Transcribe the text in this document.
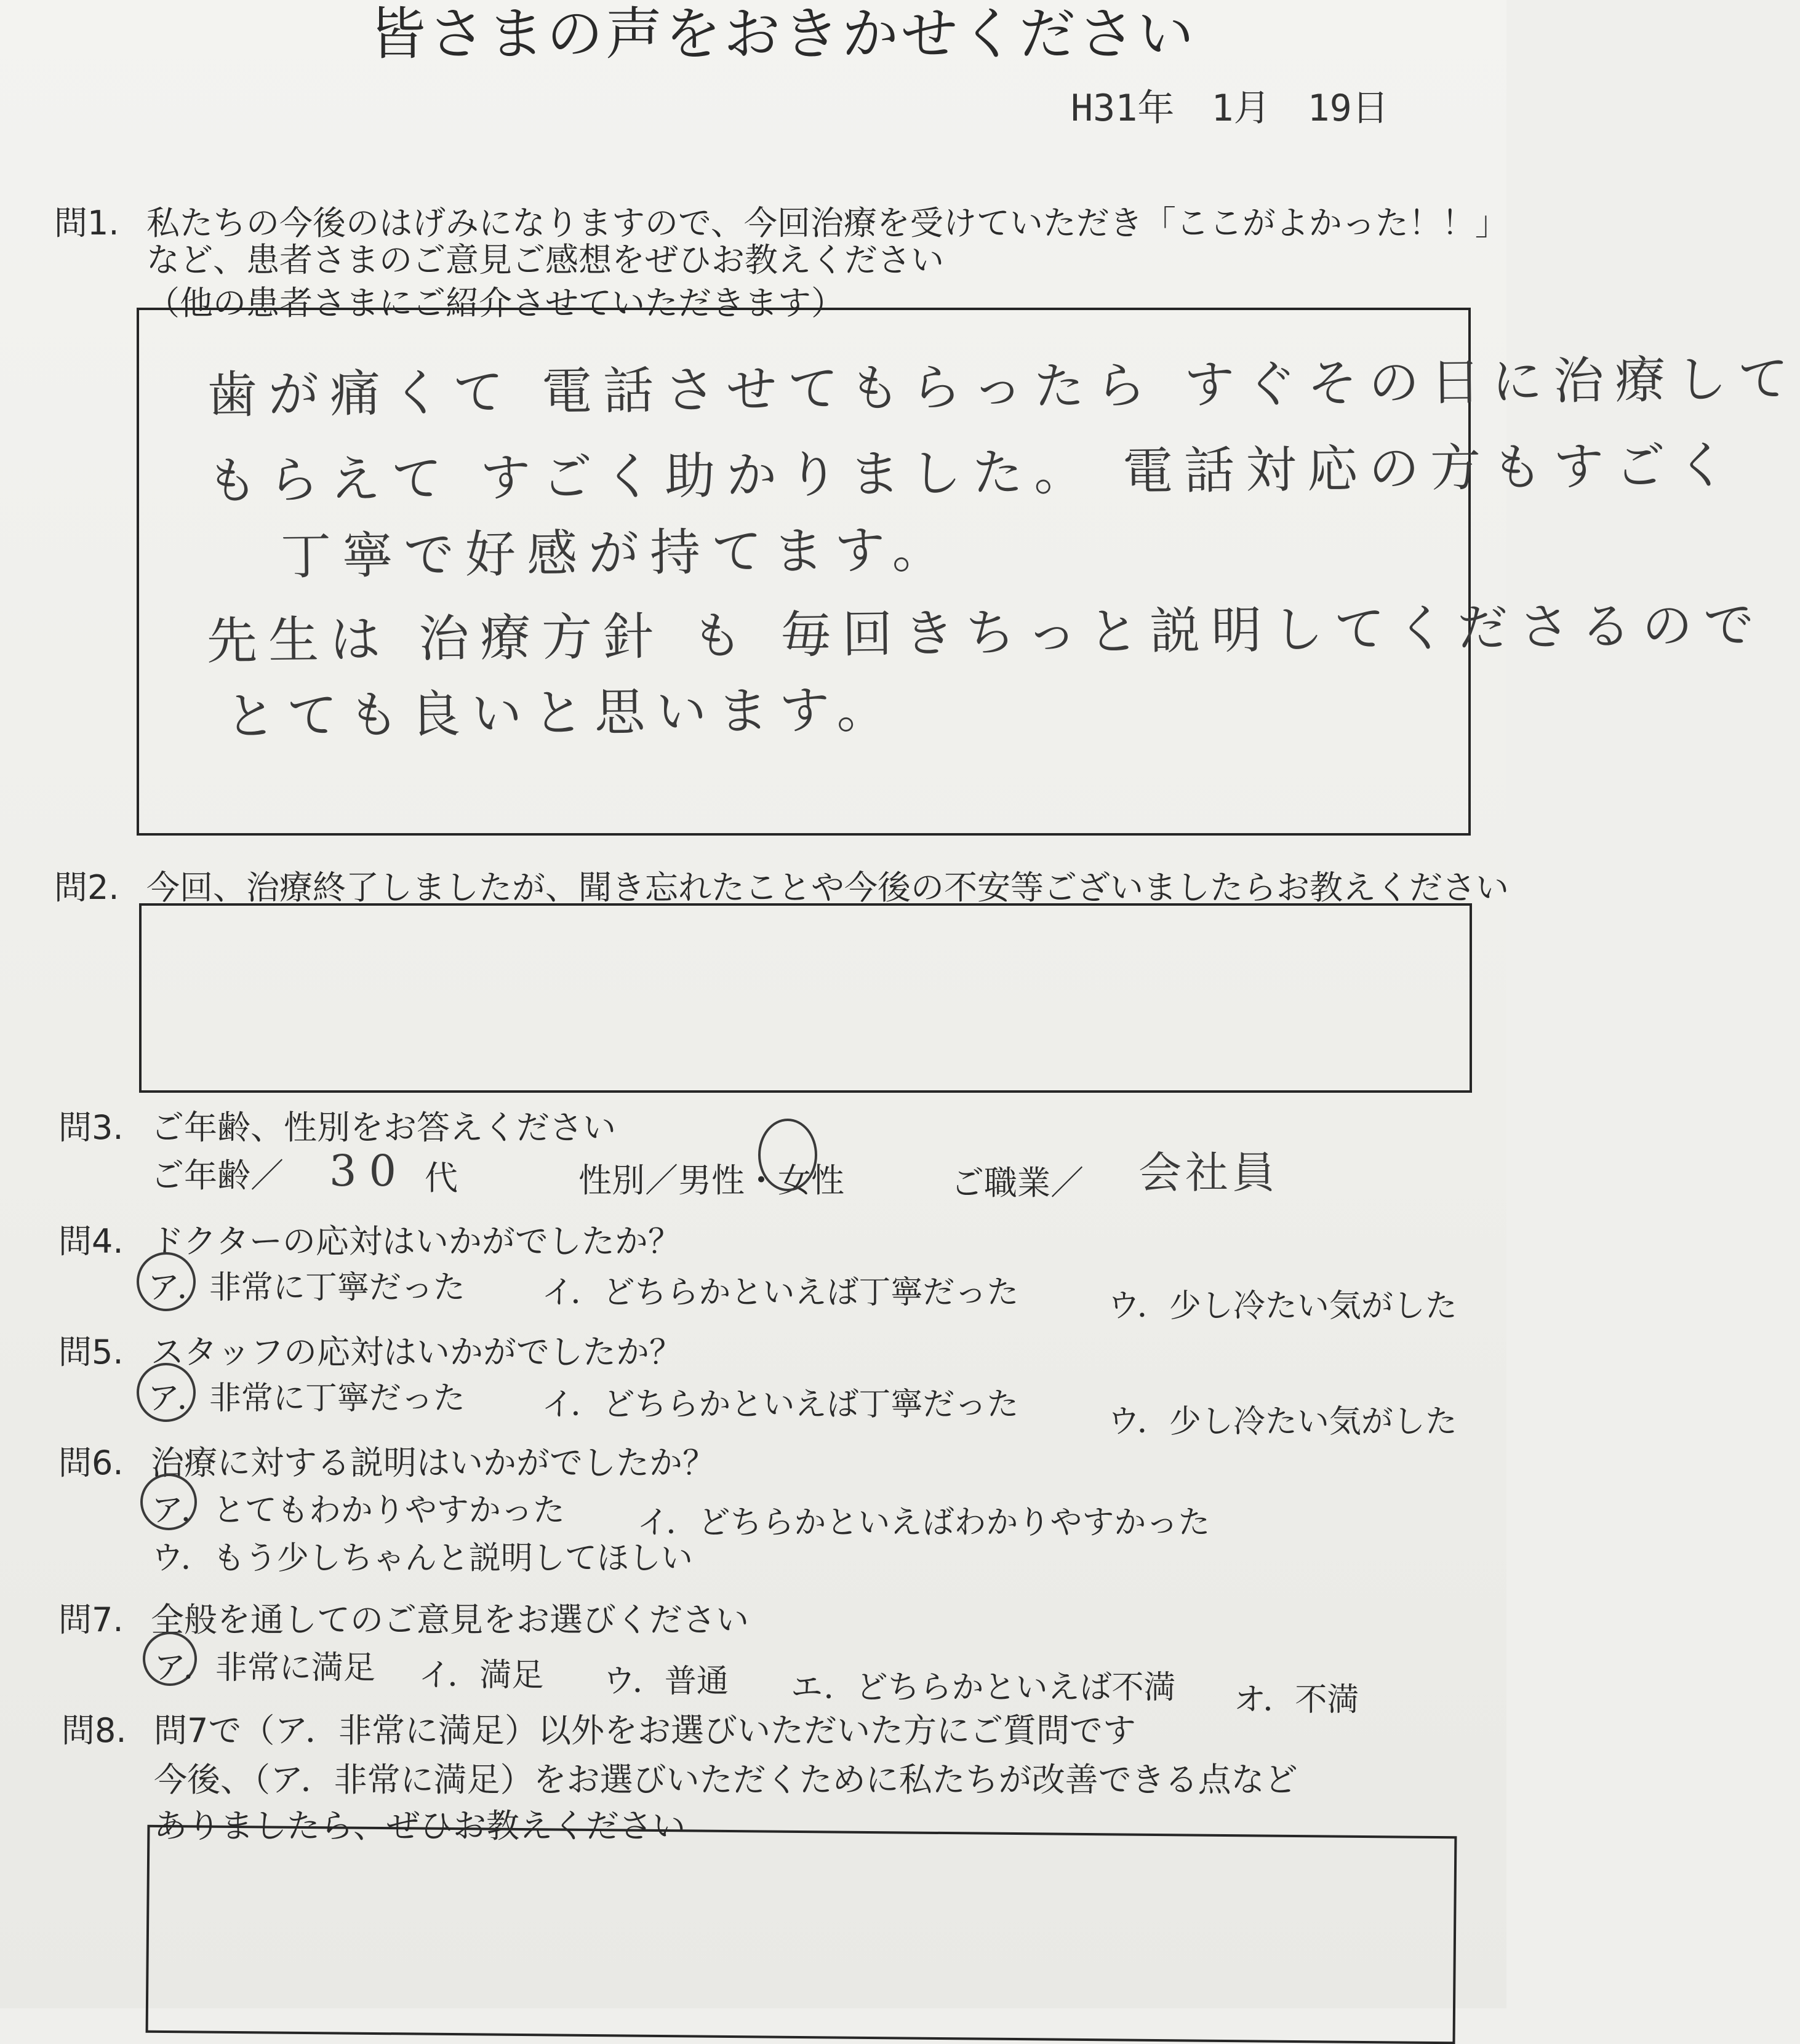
皆さまの声をおきかせください
H31年　1月　19日
問1. 私たちの今後のはげみになりますので、今回治療を受けていただき「ここがよかった！！」
など、患者さまのご意見ご感想をぜひお教えください
（他の患者さまにご紹介させていただきます）
歯が痛くて 電話させてもらったら すぐその日に治療して
もらえて すごく助かりました。 電話対応の方もすごく
丁寧で好感が持てます。
先生は 治療方針 も 毎回きちっと説明してくださるので
とても良いと思います。
問2. 今回、治療終了しましたが、聞き忘れたことや今後の不安等ございましたらお教えください
問3. ご年齢、性別をお答えください
ご年齢／ 30 代	性別／男性・女性	ご職業／ 会社員
問4. ドクターの応対はいかがでしたか？
ア．非常に丁寧だった イ．どちらかといえば丁寧だった	ウ．少し冷たい気がした
問5. スタッフの応対はいかがでしたか？
ア．非常に丁寧だった イ．どちらかといえば丁寧だった	ウ．少し冷たい気がした
問6. 治療に対する説明はいかがでしたか？
ア．とてもわかりやすかった イ．どちらかといえばわかりやすかった
ウ．もう少しちゃんと説明してほしい
問7. 全般を通してのご意見をお選びください
ア．非常に満足 イ．満足 ウ．普通 エ．どちらかといえば不満 オ．不満
問8. 問7で（ア．非常に満足）以外をお選びいただいた方にご質問です
今後、（ア．非常に満足）をお選びいただくために私たちが改善できる点など
ありましたら、ぜひお教えください
